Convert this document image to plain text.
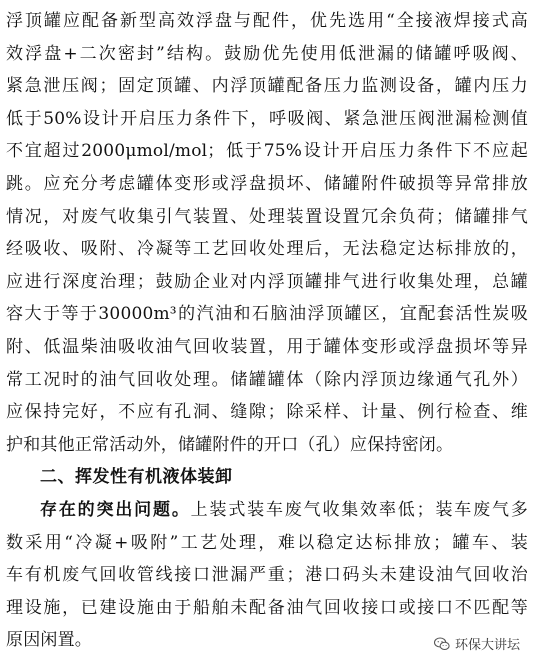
浮顶罐应配备新型高效浮盘与配件，优先选用“全接液焊接式高
效浮盘+二次密封”结构。鼓励优先使用低泄漏的储罐呼吸阀、
紧急泄压阀；固定顶罐、内浮顶罐配备压力监测设备，罐内压力
低于50%设计开启压力条件下，呼吸阀、紧急泄压阀泄漏检测值
不宜超过2000μmol/mol；低于75%设计开启压力条件下不应起
跳。应充分考虑罐体变形或浮盘损坏、储罐附件破损等异常排放
情况，对废气收集引气装置、处理装置设置冗余负荷；储罐排气
经吸收、吸附、冷凝等工艺回收处理后，无法稳定达标排放的，
应进行深度治理；鼓励企业对内浮顶罐排气进行收集处理，总罐
容大于等于30000m³的汽油和石脑油浮顶罐区，宜配套活性炭吸
附、低温柴油吸收油气回收装置，用于罐体变形或浮盘损坏等异
常工况时的油气回收处理。储罐罐体（除内浮顶边缘通气孔外）
应保持完好，不应有孔洞、缝隙；除采样、计量、例行检查、维
护和其他正常活动外，储罐附件的开口（孔）应保持密闭。
二、挥发性有机液体装卸
存在的突出问题。上装式装车废气收集效率低；装车废气多
数采用“冷凝+吸附”工艺处理，难以稳定达标排放；罐车、装
车有机废气回收管线接口泄漏严重；港口码头未建设油气回收治
理设施，已建设施由于船舶未配备油气回收接口或接口不匹配等
原因闲置。	环保大讲坛
